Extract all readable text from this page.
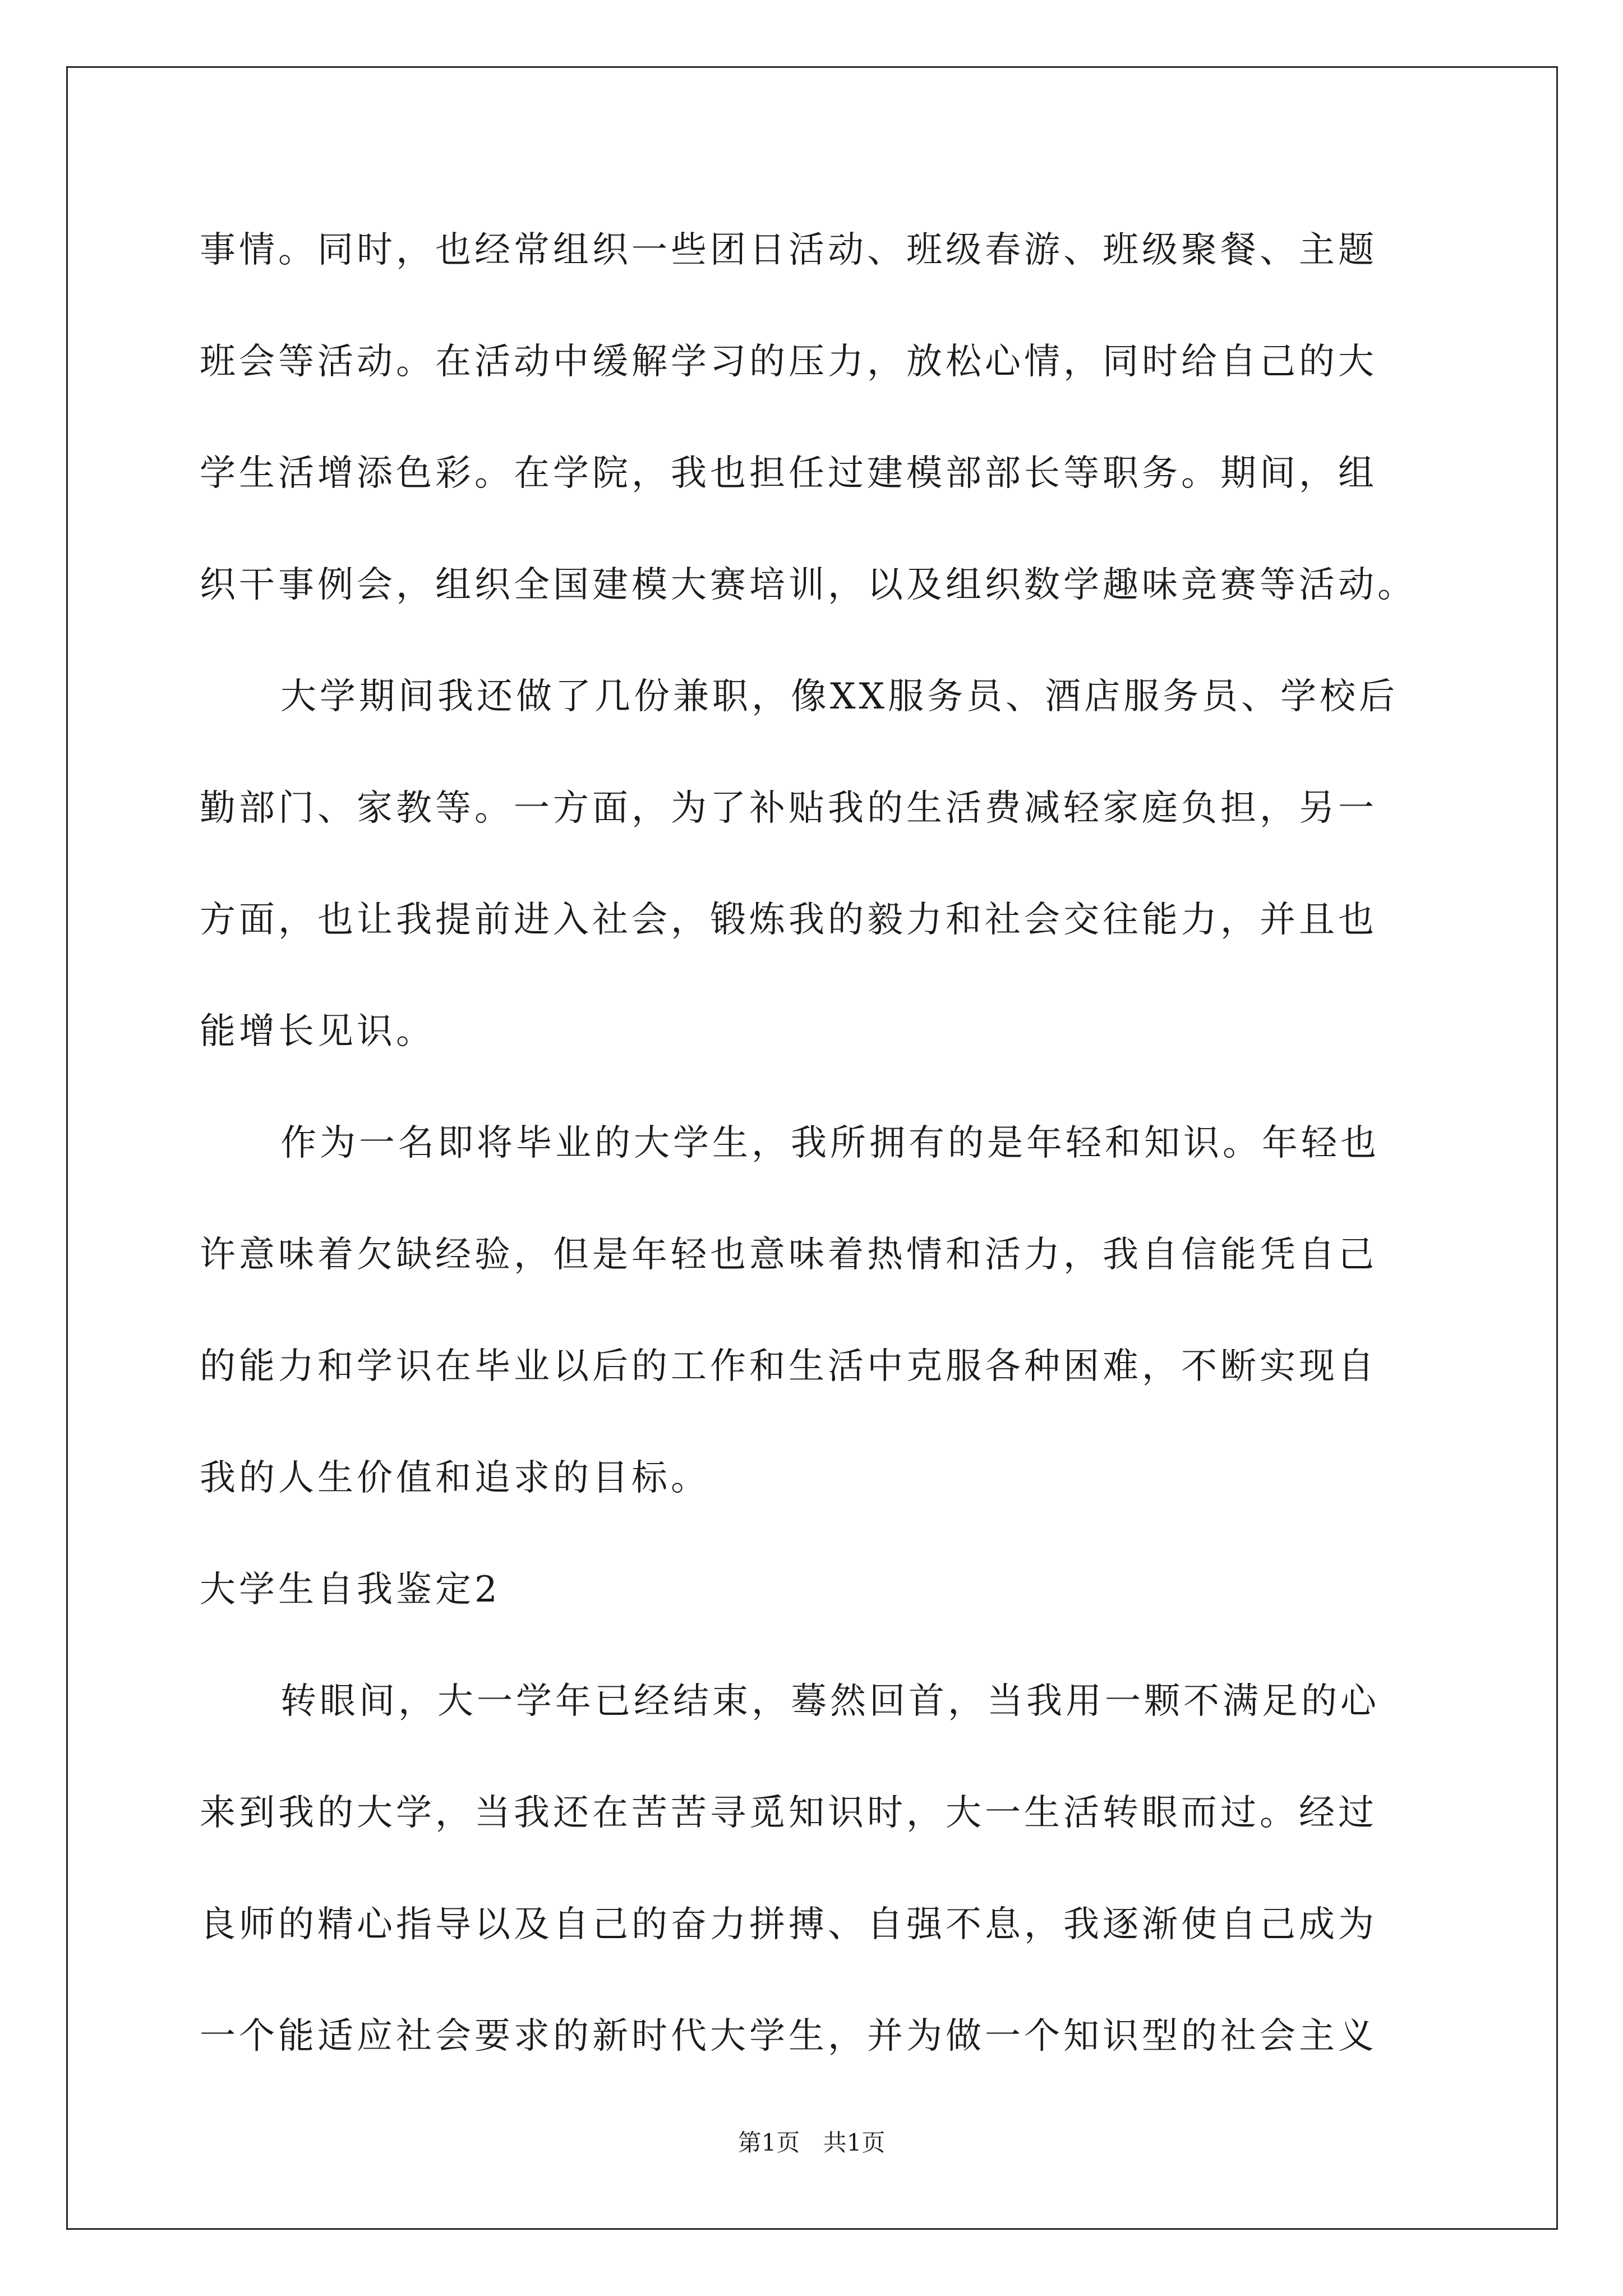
事情。同时，也经常组织一些团日活动、班级春游、班级聚餐、主题
班会等活动。在活动中缓解学习的压力，放松心情，同时给自己的大
学生活增添色彩。在学院，我也担任过建模部部长等职务。期间，组
织干事例会，组织全国建模大赛培训，以及组织数学趣味竞赛等活动。
大学期间我还做了几份兼职，像XX服务员、酒店服务员、学校后
勤部门、家教等。一方面，为了补贴我的生活费减轻家庭负担，另一
方面，也让我提前进入社会，锻炼我的毅力和社会交往能力，并且也
能增长见识。
作为一名即将毕业的大学生，我所拥有的是年轻和知识。年轻也
许意味着欠缺经验，但是年轻也意味着热情和活力，我自信能凭自己
的能力和学识在毕业以后的工作和生活中克服各种困难，不断实现自
我的人生价值和追求的目标。
大学生自我鉴定2
转眼间，大一学年已经结束，蓦然回首，当我用一颗不满足的心
来到我的大学，当我还在苦苦寻觅知识时，大一生活转眼而过。经过
良师的精心指导以及自己的奋力拼搏、自强不息，我逐渐使自己成为
一个能适应社会要求的新时代大学生，并为做一个知识型的社会主义
第1页 共1页
